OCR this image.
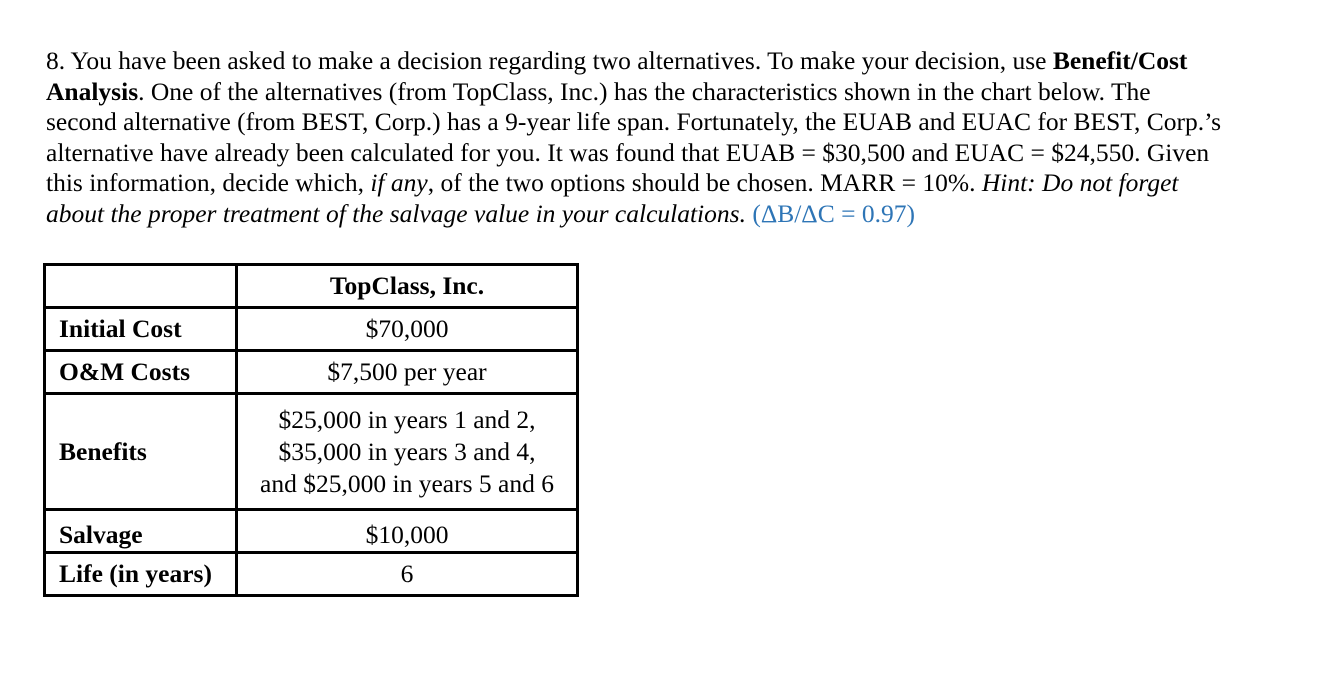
8. You have been asked to make a decision regarding two alternatives. To make your decision, use Benefit/Cost
Analysis. One of the alternatives (from TopClass, Inc.) has the characteristics shown in the chart below. The
second alternative (from BEST, Corp.) has a 9-year life span. Fortunately, the EUAB and EUAC for BEST, Corp.’s
alternative have already been calculated for you. It was found that EUAB = $30,500 and EUAC = $24,550. Given
this information, decide which, if any, of the two options should be chosen. MARR = 10%. Hint: Do not forget
about the proper treatment of the salvage value in your calculations. (ΔB/ΔC = 0.97)
	TopClass, Inc.
Initial Cost	$70,000
O&M Costs	$7,500 per year
Benefits	$25,000 in years 1 and 2,
$35,000 in years 3 and 4,
and $25,000 in years 5 and 6

Salvage	$10,000

Life (in years)	6
